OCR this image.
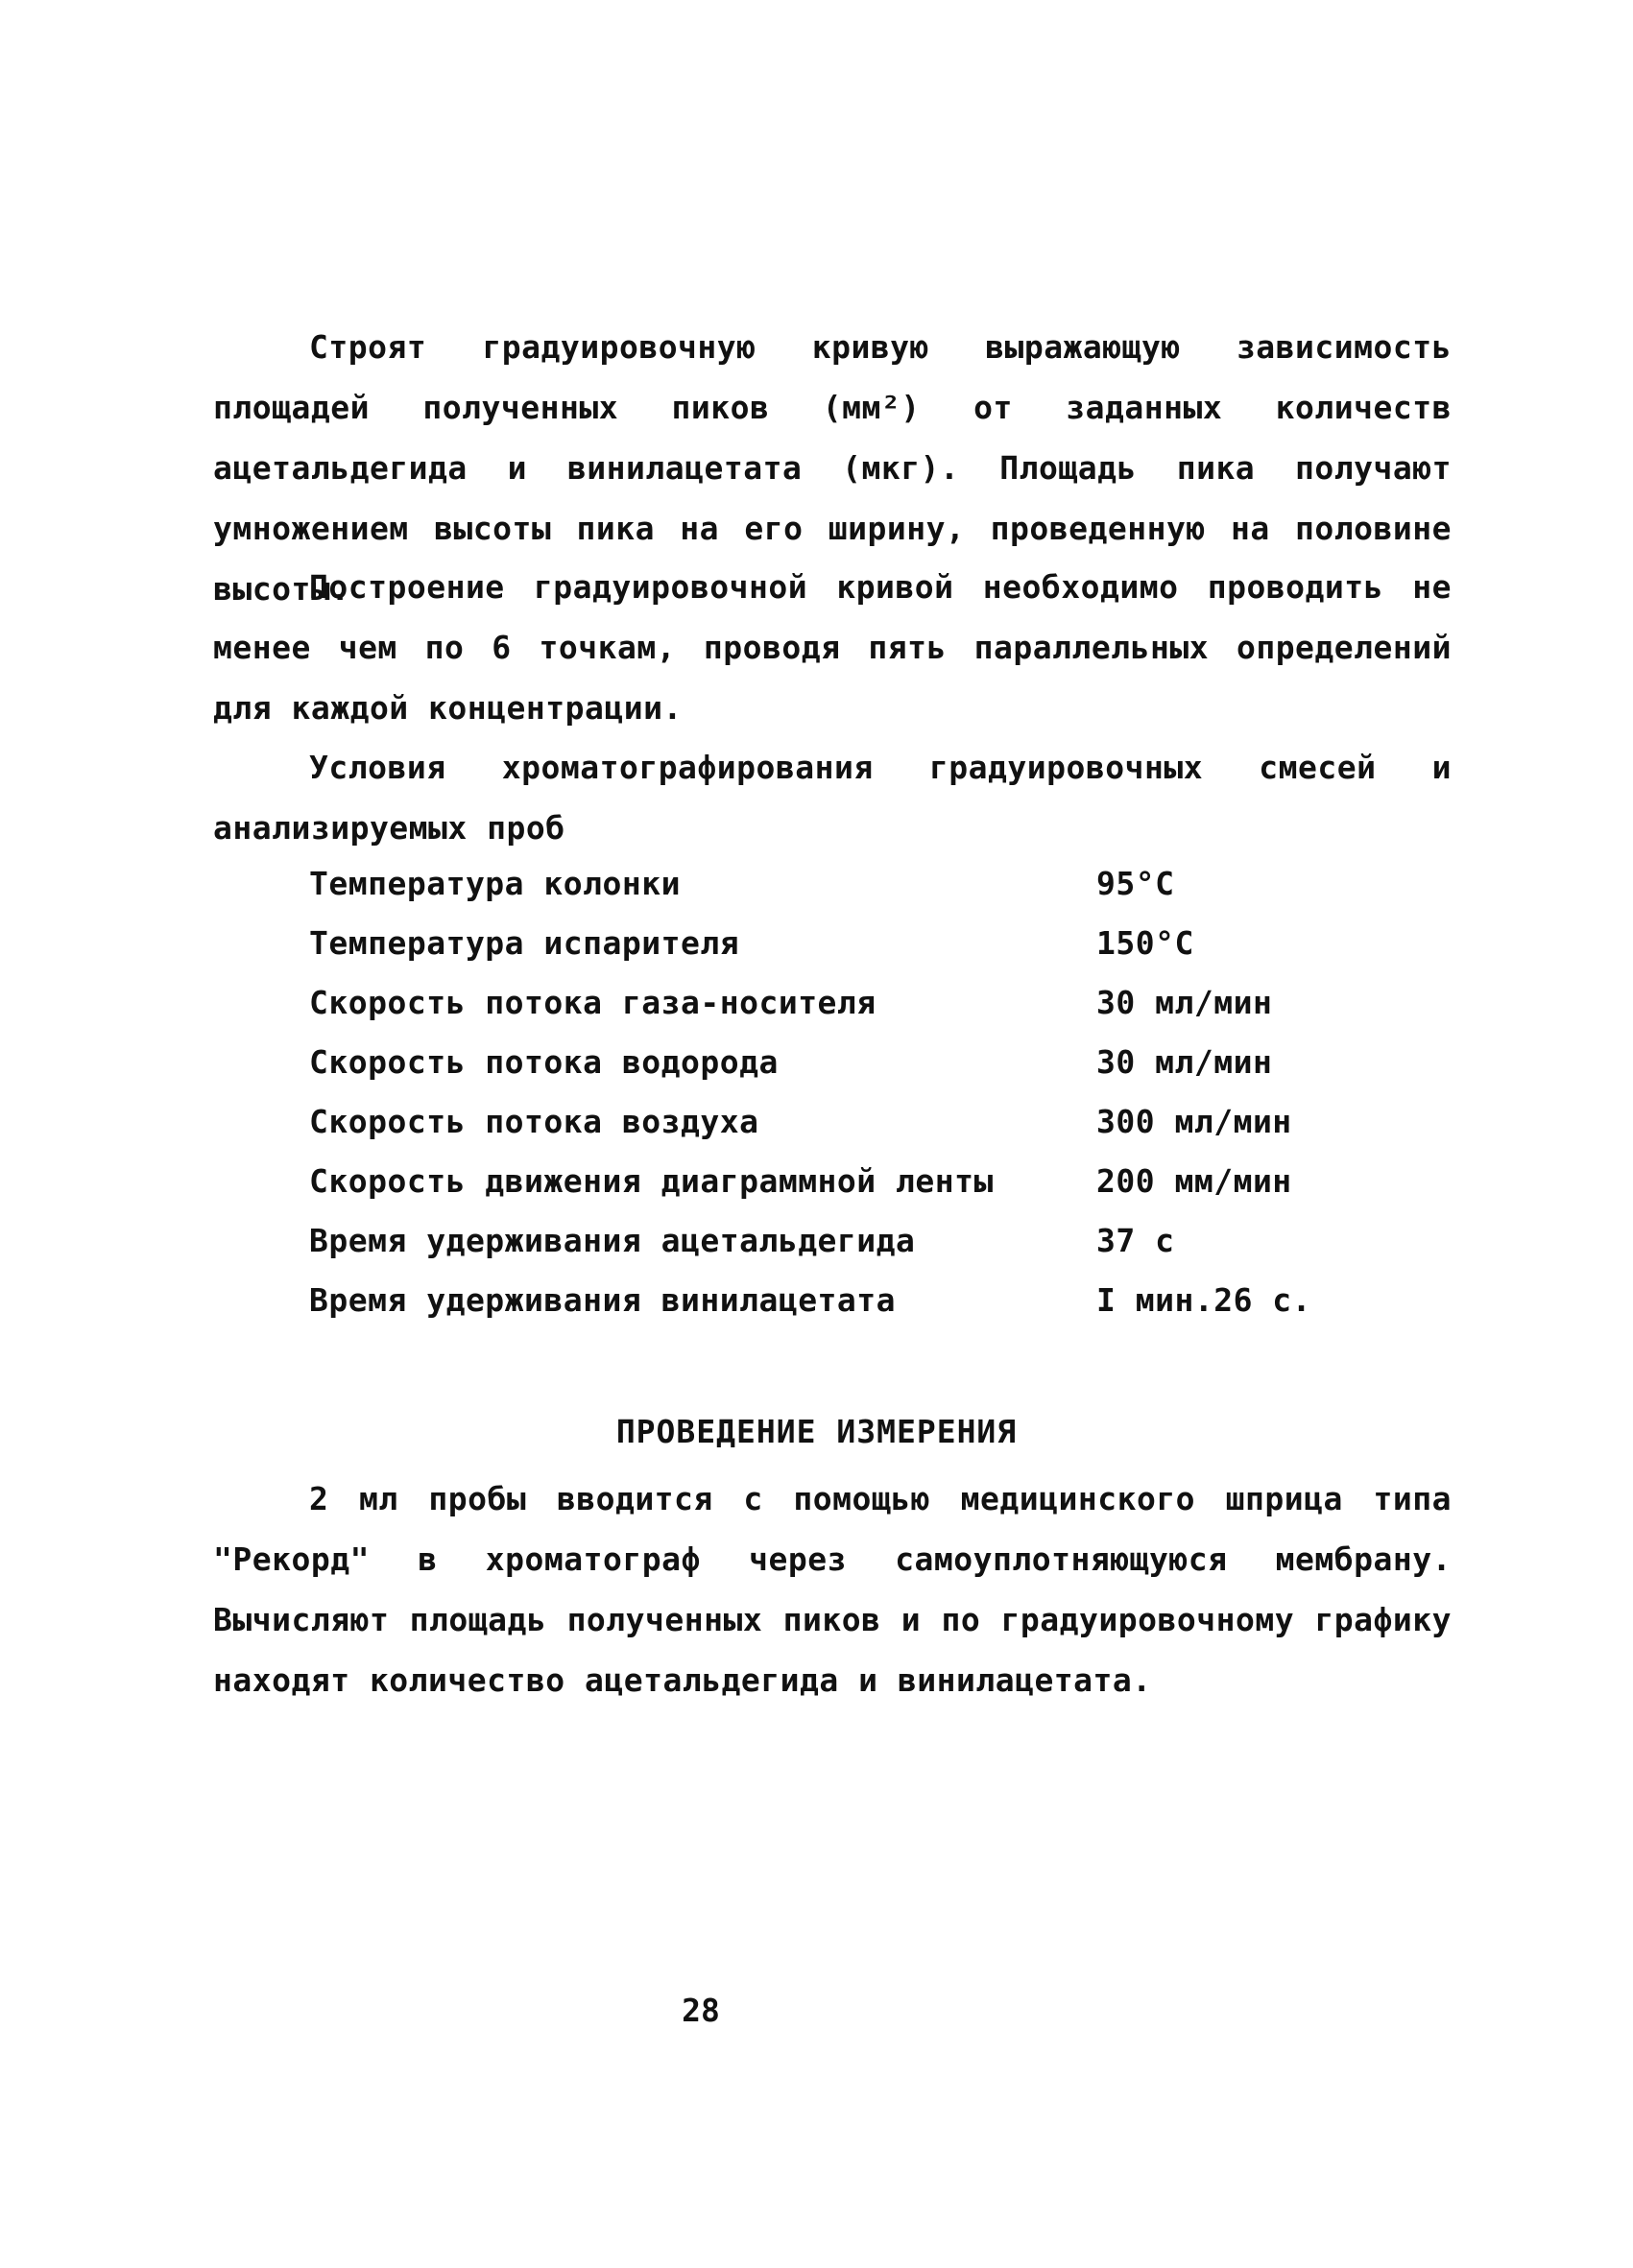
Строят градуировочную кривую выражающую зависимость площадей полученных пиков (мм²) от заданных количеств ацетальдегида и винилацетата (мкг). Площадь пика получают умножением высоты пика на его ширину, проведенную на половине высоты.

Построение градуировочной кривой необходимо проводить не менее чем по 6 точкам, проводя пять параллельных определений для каждой концентрации.

Условия хроматографирования градуировочных смесей и анализируемых проб

Температура колонки	95°C
Температура испарителя	150°C
Скорость потока газа-носителя	30 мл/мин
Скорость потока водорода	30 мл/мин
Скорость потока воздуха	300 мл/мин
Скорость движения диаграммной ленты	200 мм/мин
Время удерживания ацетальдегида	37 с
Время удерживания винилацетата	I мин.26 с.
ПРОВЕДЕНИЕ ИЗМЕРЕНИЯ

2 мл пробы вводится с помощью медицинского шприца типа "Рекорд" в хроматограф через самоуплотняющуюся мембрану. Вычисляют площадь полученных пиков и по градуировочному графику находят количество ацетальдегида и винилацетата.

28
